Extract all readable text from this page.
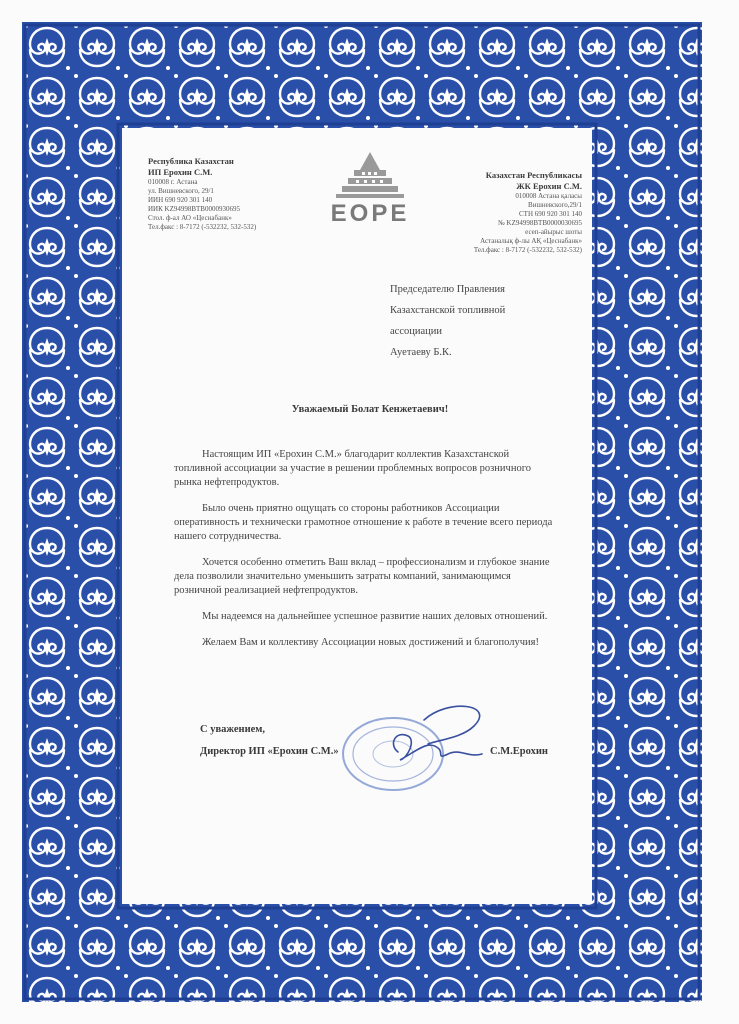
Республика Казахстан
ИП Ерохин С.М.
010008 г. Астана
ул. Вишневского, 29/1
ИИН 690 920 301 140
ИИК KZ94998BTB0000930695
Стол. ф-ал АО «Цеснабанк»
Тел.факс : 8-7172 (-532232, 532-532)	ЕОРЕ
Казахстан Республикасы
ЖК Ерохин С.М.
010008 Астана қаласы
Вишневского,29/1
СТН 690 920 301 140
№ KZ94998BTB0000030695
есеп-айырыс шоты
Астаналық ф-лы АҚ «Цеснабанк»
Тел.факс : 8-7172 (-532232, 532-532)
Председателю Правления
Казахстанской топливной
ассоциации
Ауетаеву Б.К.
Уважаемый Болат Кенжетаевич!

Настоящим ИП «Ерохин С.М.» благодарит коллектив Казахстанской топливной ассоциации за участие в решении проблемных вопросов розничного рынка нефтепродуктов.

Было очень приятно ощущать со стороны работников Ассоциации оперативность и технически грамотное отношение к работе в течение всего периода нашего сотрудничества.

Хочется особенно отметить Ваш вклад – профессионализм и глубокое знание дела позволили значительно уменьшить затраты компаний, занимающимся розничной реализацией нефтепродуктов.

Мы надеемся на дальнейшее успешное развитие наших деловых отношений.

Желаем Вам и коллективу Ассоциации новых достижений и благополучия!

С уважением,
Директор ИП «Ерохин С.М.»	С.М.Ерохин
